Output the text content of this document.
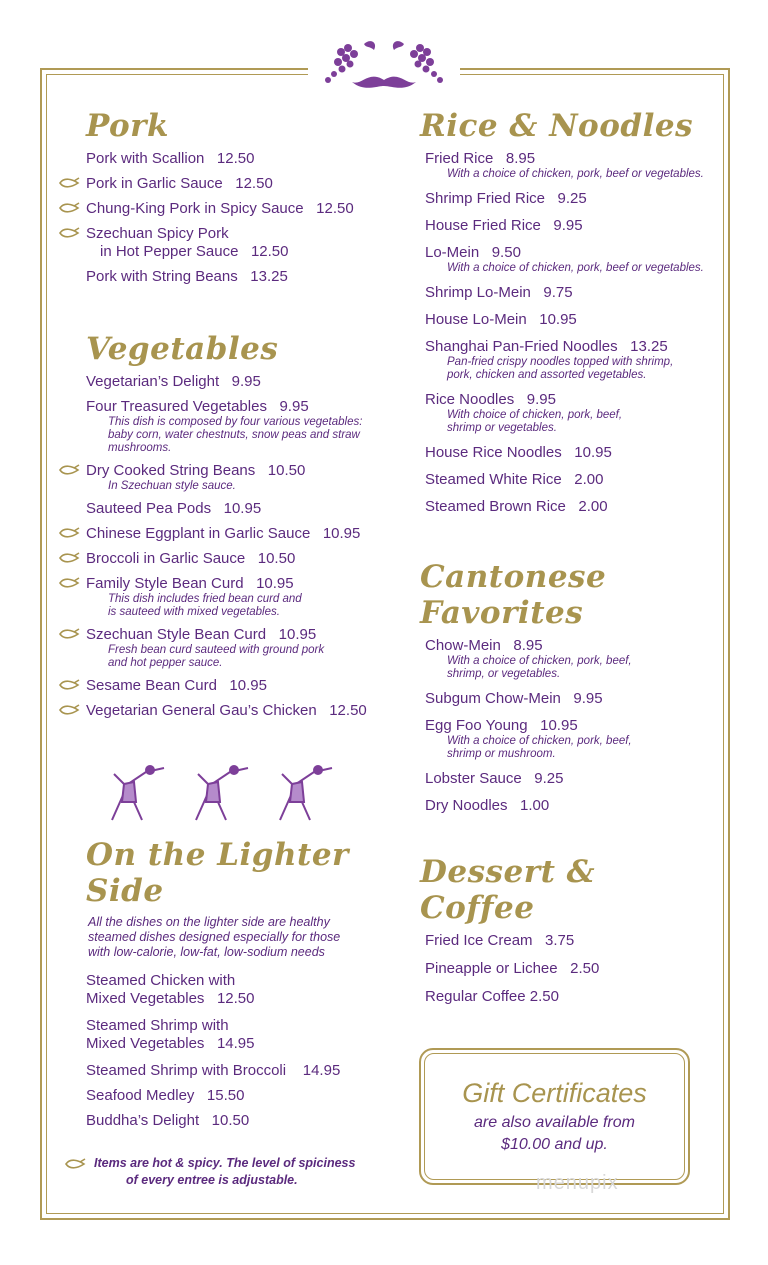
Pork
Pork with Scallion 12.50
Pork in Garlic Sauce 12.50
Chung-King Pork in Spicy Sauce 12.50
Szechuan Spicy Pork
in Hot Pepper Sauce 12.50
Pork with String Beans 13.25
Vegetables
Vegetarian’s Delight 9.95
Four Treasured Vegetables 9.95
This dish is composed by four various vegetables:
baby corn, water chestnuts, snow peas and straw
mushrooms.
Dry Cooked String Beans 10.50
In Szechuan style sauce.
Sauteed Pea Pods 10.95
Chinese Eggplant in Garlic Sauce 10.95
Broccoli in Garlic Sauce 10.50
Family Style Bean Curd 10.95
This dish includes fried bean curd and
is sauteed with mixed vegetables.
Szechuan Style Bean Curd 10.95
Fresh bean curd sauteed with ground pork
and hot pepper sauce.
Sesame Bean Curd 10.95
Vegetarian General Gau’s Chicken 12.50
On the Lighter Side
All the dishes on the lighter side are healthy
steamed dishes designed especially for those
with low-calorie, low-fat, low-sodium needs
Steamed Chicken with
Mixed Vegetables 12.50
Steamed Shrimp with
Mixed Vegetables 14.95
Steamed Shrimp with Broccoli 14.95
Seafood Medley 15.50
Buddha’s Delight 10.50
Rice & Noodles
Fried Rice 8.95
With a choice of chicken, pork, beef or vegetables.
Shrimp Fried Rice 9.25
House Fried Rice 9.95
Lo-Mein 9.50
With a choice of chicken, pork, beef or vegetables.
Shrimp Lo-Mein 9.75
House Lo-Mein 10.95
Shanghai Pan-Fried Noodles 13.25
Pan-fried crispy noodles topped with shrimp,
pork, chicken and assorted vegetables.
Rice Noodles 9.95
With choice of chicken, pork, beef,
shrimp or vegetables.
House Rice Noodles 10.95
Steamed White Rice 2.00
Steamed Brown Rice 2.00
Cantonese Favorites
Chow-Mein 8.95
With a choice of chicken, pork, beef,
shrimp, or vegetables.
Subgum Chow-Mein 9.95
Egg Foo Young 10.95
With a choice of chicken, pork, beef,
shrimp or mushroom.
Lobster Sauce 9.25
Dry Noodles 1.00
Dessert & Coffee
Fried Ice Cream 3.75
Pineapple or Lichee 2.50
Regular Coffee 2.50
Gift Certificates
are also available from
$10.00 and up.
menupix
Items are hot & spicy. The level of spiciness
of every entree is adjustable.
